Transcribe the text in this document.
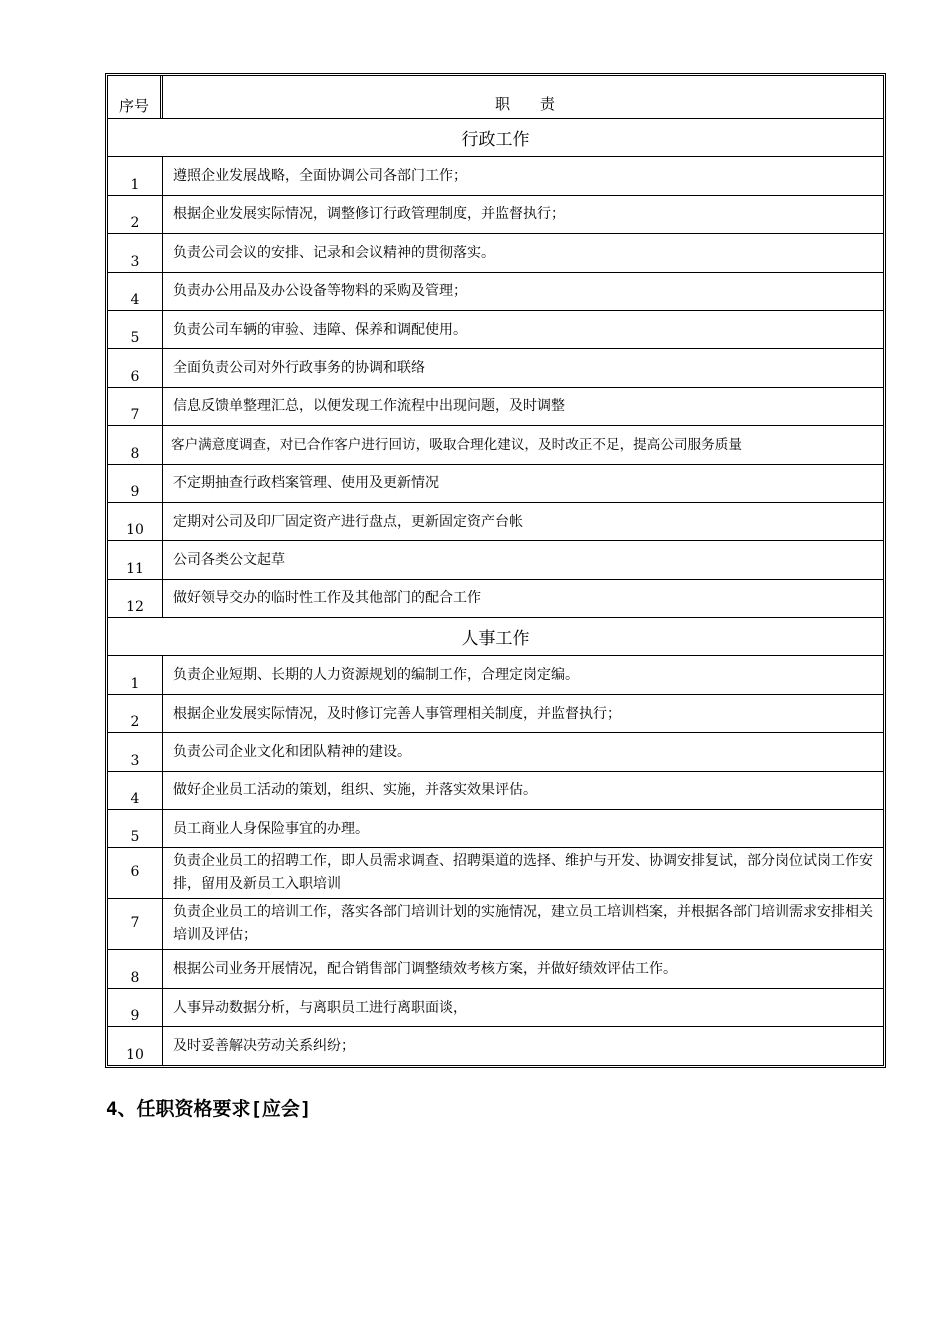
序号	职　　责
行政工作
1
遵照企业发展战略，全面协调公司各部门工作；
2
根据企业发展实际情况，调整修订行政管理制度，并监督执行；
3
负责公司会议的安排、记录和会议精神的贯彻落实。
4
负责办公用品及办公设备等物料的采购及管理；
5
负责公司车辆的审验、违障、保养和调配使用。
6
全面负责公司对外行政事务的协调和联络
7
信息反馈单整理汇总，以便发现工作流程中出现问题，及时调整
8
客户满意度调查，对已合作客户进行回访，吸取合理化建议，及时改正不足，提高公司服务质量
9
不定期抽查行政档案管理、使用及更新情况
10
定期对公司及印厂固定资产进行盘点，更新固定资产台帐
11
公司各类公文起草
12
做好领导交办的临时性工作及其他部门的配合工作
人事工作
1
负责企业短期、长期的人力资源规划的编制工作，合理定岗定编。
2
根据企业发展实际情况，及时修订完善人事管理相关制度，并监督执行；
3
负责公司企业文化和团队精神的建设。
4
做好企业员工活动的策划，组织、实施，并落实效果评估。
5
员工商业人身保险事宜的办理。
6
负责企业员工的招聘工作，即人员需求调查、招聘渠道的选择、维护与开发、协调安排复试，部分岗位试岗工作安排，留用及新员工入职培训
7
负责企业员工的培训工作，落实各部门培训计划的实施情况，建立员工培训档案，并根据各部门培训需求安排相关培训及评估；
8
根据公司业务开展情况，配合销售部门调整绩效考核方案，并做好绩效评估工作。
9
人事异动数据分析，与离职员工进行离职面谈，
10
及时妥善解决劳动关系纠纷；
4、任职资格要求[应会]
